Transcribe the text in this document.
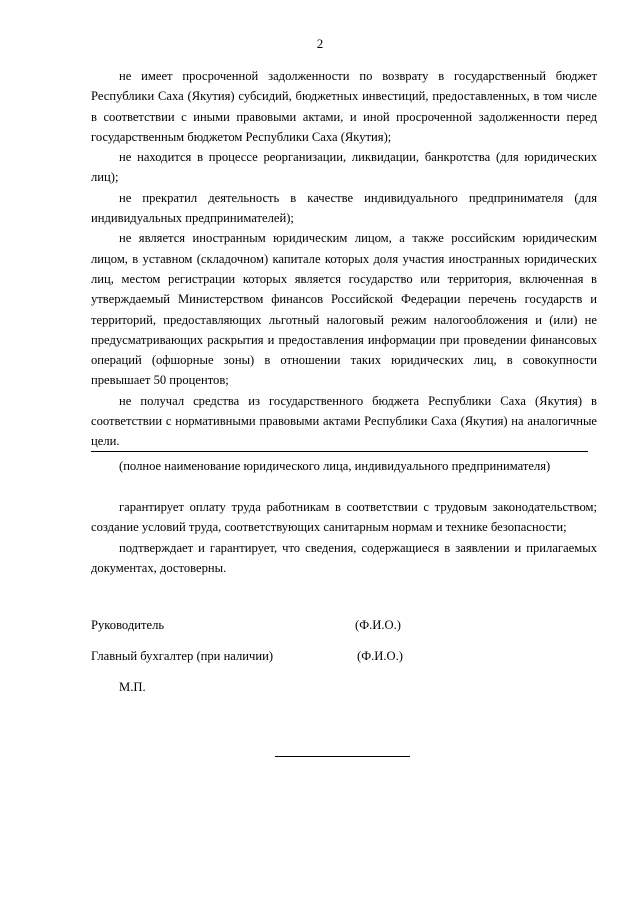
2

не имеет просроченной задолженности по возврату в государственный бюджет Республики Саха (Якутия) субсидий, бюджетных инвестиций, предоставленных, в том числе в соответствии с иными правовыми актами, и иной просроченной задолженности перед государственным бюджетом Республики Саха (Якутия);

не находится в процессе реорганизации, ликвидации, банкротства (для юридических лиц);

не прекратил деятельность в качестве индивидуального предпринимателя (для индивидуальных предпринимателей);

не является иностранным юридическим лицом, а также российским юридическим лицом, в уставном (складочном) капитале которых доля участия иностранных юридических лиц, местом регистрации которых является государство или территория, включенная в утверждаемый Министерством финансов Российской Федерации перечень государств и территорий, предоставляющих льготный налоговый режим налогообложения и (или) не предусматривающих раскрытия и предоставления информации при проведении финансовых операций (офшорные зоны) в отношении таких юридических лиц, в совокупности превышает 50 процентов;

не получал средства из государственного бюджета Республики Саха (Якутия) в соответствии с нормативными правовыми актами Республики Саха (Якутия) на аналогичные цели.

(полное наименование юридического лица, индивидуального предпринимателя)

гарантирует оплату труда работникам в соответствии с трудовым законодательством; создание условий труда, соответствующих санитарным нормам и технике безопасности;

подтверждает и гарантирует, что сведения, содержащиеся в заявлении и прилагаемых документах, достоверны.

Руководитель	(Ф.И.О.)
Главный бухгалтер (при наличии)	(Ф.И.О.)
М.П.
